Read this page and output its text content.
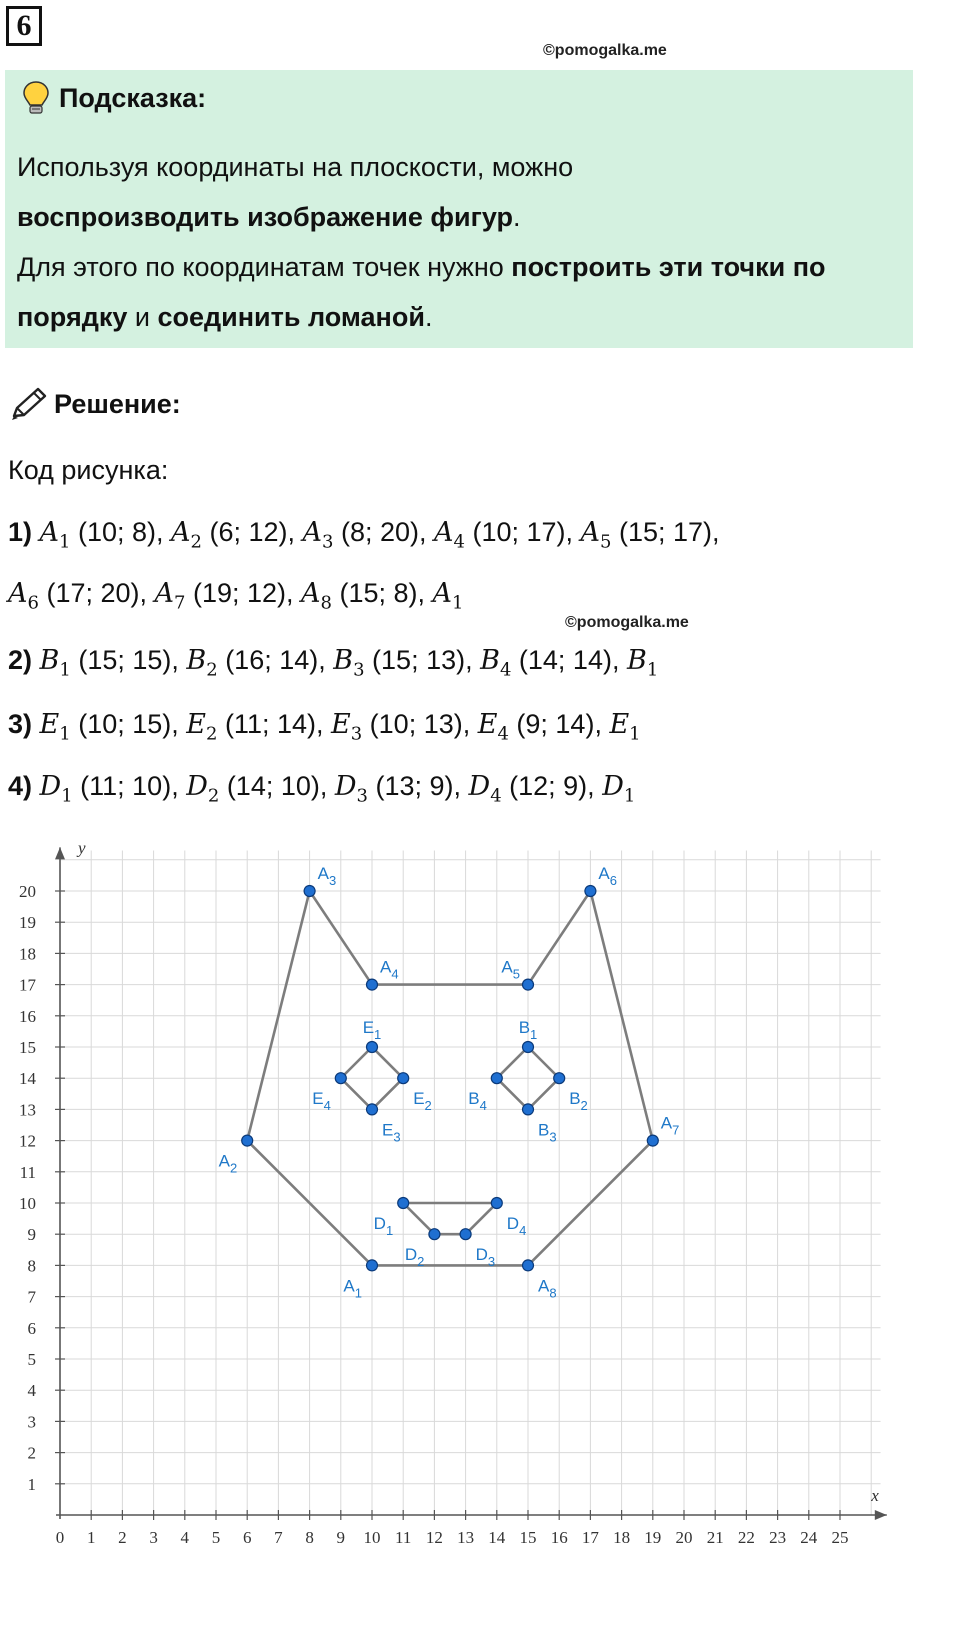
6
©pomogalka.me
Подсказка:
Используя координаты на плоскости, можно
воспроизводить изображение фигур.
Для этого по координатам точек нужно построить эти точки по порядку и соединить ломаной.
Решение:
Код рисунка:
1) $A_1$ (10; 8), $A_2$ (6; 12), $A_3$ (8; 20), $A_4$ (10; 17), $A_5$ (15; 17),
$A_6$ (17; 20), $A_7$ (19; 12), $A_8$ (15; 8), $A_1$
©pomogalka.me
2) $B_1$ (15; 15), $B_2$ (16; 14), $B_3$ (15; 13), $B_4$ (14; 14), $B_1$
3) $E_1$ (10; 15), $E_2$ (11; 14), $E_3$ (10; 13), $E_4$ (9; 14), $E_1$
4) $D_1$ (11; 10), $D_2$ (14; 10), $D_3$ (13; 9), $D_4$ (12; 9), $D_1$
x
y
0 1 2 3 4 5 6 7 8 9 10 11 12 13 14 15 16 17 18 19 20 21 22 23 24 25
1
2
3
4
5
6
7
8
9
10
11
12
13
14
15
16
17
18
19
20
$A_1$
$A_2$
$A_3$
$A_4$	$A_5$
$A_6$
$A_7$
$A_8$
$B_1$
$B_2$
$B_3$
$B_4$
$E_1$
$E_2$
$E_3$
$E_4$
$D_1$
$D_2$	$D_3$
$D_4$
